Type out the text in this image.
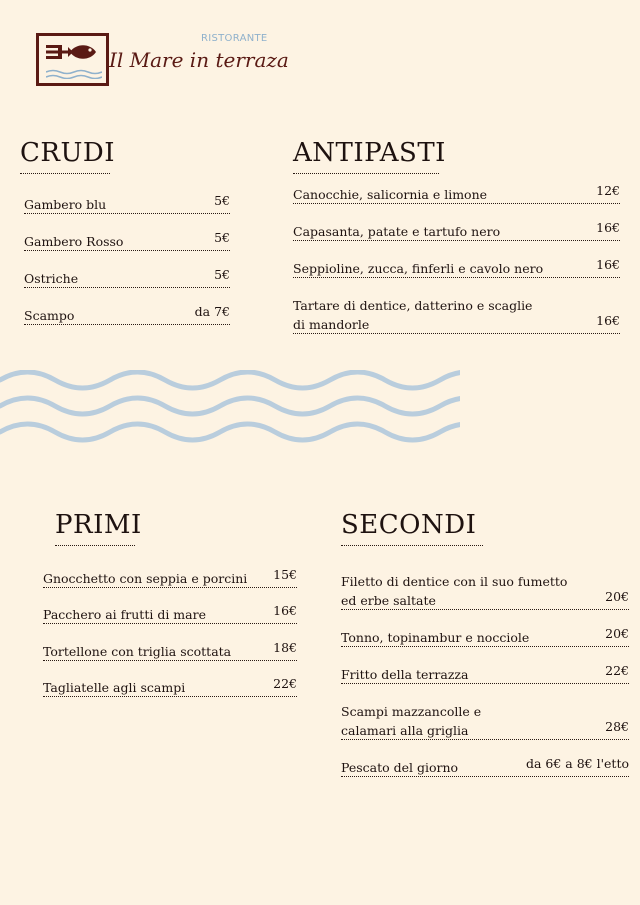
RISTORANTE
Il Mare in terraza
CRUDI
Gambero blu	5€
Gambero Rosso	5€
Ostriche	5€
Scampo	da 7€
ANTIPASTI
Canocchie, salicornia e limone	12€
Capasanta, patate e tartufo nero	16€
Seppioline, zucca, finferli e cavolo nero	16€
Tartare di dentice, datterino e scaglie
di mandorle	16€
PRIMI
Gnocchetto con seppia e porcini	15€
Pacchero ai frutti di mare	16€
Tortellone con triglia scottata	18€
Tagliatelle agli scampi	22€
SECONDI
Filetto di dentice con il suo fumetto
ed erbe saltate	20€
Tonno, topinambur e nocciole	20€
Fritto della terrazza	22€
Scampi mazzancolle e
calamari alla griglia	28€
Pescato del giorno	da 6€ a 8€ l'etto
